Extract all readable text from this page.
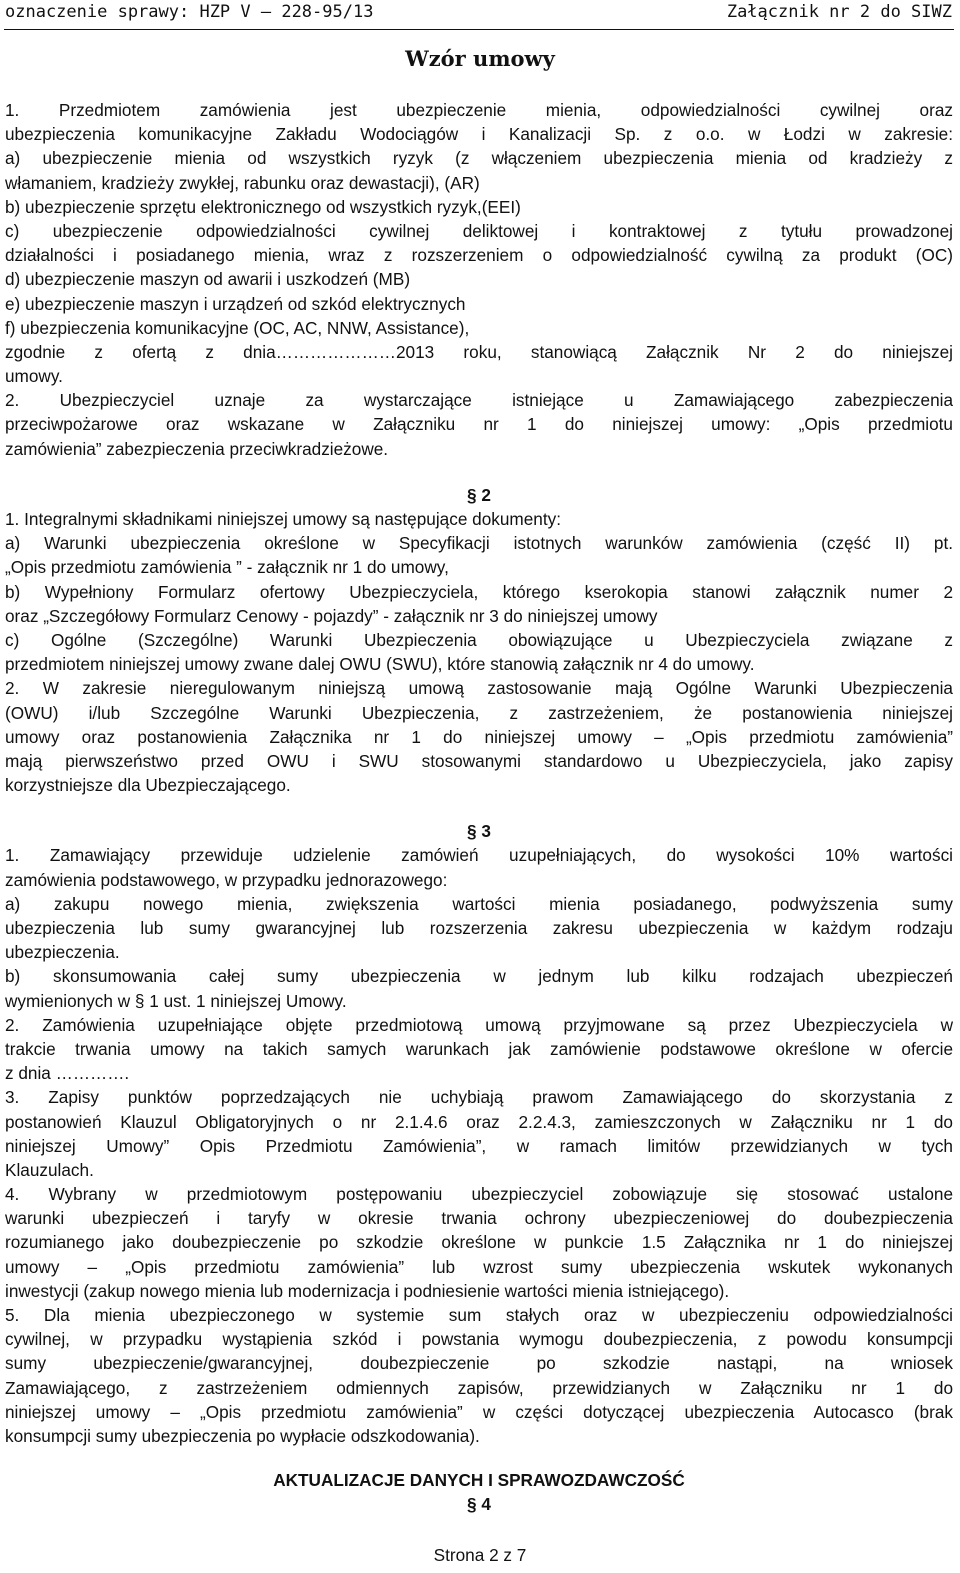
oznaczenie sprawy: HZP V – 228-95/13	Załącznik nr 2 do SIWZ
Wzór umowy
1. Przedmiotem zamówienia jest ubezpieczenie mienia, odpowiedzialności cywilnej oraz
ubezpieczenia komunikacyjne Zakładu Wodociągów i Kanalizacji Sp. z o.o. w Łodzi w zakresie:
a) ubezpieczenie mienia od wszystkich ryzyk (z włączeniem ubezpieczenia mienia od kradzieży z
włamaniem, kradzieży zwykłej, rabunku oraz dewastacji), (AR)
b) ubezpieczenie sprzętu elektronicznego od wszystkich ryzyk,(EEI)
c) ubezpieczenie odpowiedzialności cywilnej deliktowej i kontraktowej z tytułu prowadzonej
działalności i posiadanego mienia, wraz z rozszerzeniem o odpowiedzialność cywilną za produkt (OC)
d) ubezpieczenie maszyn od awarii i uszkodzeń (MB)
e) ubezpieczenie maszyn i urządzeń od szkód elektrycznych
f) ubezpieczenia komunikacyjne (OC, AC, NNW, Assistance),
zgodnie z ofertą z dnia…………………2013 roku, stanowiącą Załącznik Nr 2 do niniejszej
umowy.
2. Ubezpieczyciel uznaje za wystarczające istniejące u Zamawiającego zabezpieczenia
przeciwpożarowe oraz wskazane w Załączniku nr 1 do niniejszej umowy: „Opis przedmiotu
zamówienia” zabezpieczenia przeciwkradzieżowe.
§ 2
1. Integralnymi składnikami niniejszej umowy są następujące dokumenty:
a) Warunki ubezpieczenia określone w Specyfikacji istotnych warunków zamówienia (część II) pt.
„Opis przedmiotu zamówienia ” - załącznik nr 1 do umowy,
b) Wypełniony Formularz ofertowy Ubezpieczyciela, którego kserokopia stanowi załącznik numer 2
oraz „Szczegółowy Formularz Cenowy - pojazdy” - załącznik nr 3 do niniejszej umowy
c) Ogólne (Szczególne) Warunki Ubezpieczenia obowiązujące u Ubezpieczyciela związane z
przedmiotem niniejszej umowy zwane dalej OWU (SWU), które stanowią załącznik nr 4 do umowy.
2. W zakresie nieregulowanym niniejszą umową zastosowanie mają Ogólne Warunki Ubezpieczenia
(OWU) i/lub Szczególne Warunki Ubezpieczenia, z zastrzeżeniem, że postanowienia niniejszej
umowy oraz postanowienia Załącznika nr 1 do niniejszej umowy – „Opis przedmiotu zamówienia”
mają pierwszeństwo przed OWU i SWU stosowanymi standardowo u Ubezpieczyciela, jako zapisy
korzystniejsze dla Ubezpieczającego.
§ 3
1. Zamawiający przewiduje udzielenie zamówień uzupełniających, do wysokości 10% wartości
zamówienia podstawowego, w przypadku jednorazowego:
a) zakupu nowego mienia, zwiększenia wartości mienia posiadanego, podwyższenia sumy
ubezpieczenia lub sumy gwarancyjnej lub rozszerzenia zakresu ubezpieczenia w każdym rodzaju
ubezpieczenia.
b) skonsumowania całej sumy ubezpieczenia w jednym lub kilku rodzajach ubezpieczeń
wymienionych w § 1 ust. 1 niniejszej Umowy.
2. Zamówienia uzupełniające objęte przedmiotową umową przyjmowane są przez Ubezpieczyciela w
trakcie trwania umowy na takich samych warunkach jak zamówienie podstawowe określone w ofercie
z dnia ………….
3. Zapisy punktów poprzedzających nie uchybiają prawom Zamawiającego do skorzystania z
postanowień Klauzul Obligatoryjnych o nr 2.1.4.6 oraz 2.2.4.3, zamieszczonych w Załączniku nr 1 do
niniejszej Umowy” Opis Przedmiotu Zamówienia”, w ramach limitów przewidzianych w tych
Klauzulach.
4. Wybrany w przedmiotowym postępowaniu ubezpieczyciel zobowiązuje się stosować ustalone
warunki ubezpieczeń i taryfy w okresie trwania ochrony ubezpieczeniowej do doubezpieczenia
rozumianego jako doubezpieczenie po szkodzie określone w punkcie 1.5 Załącznika nr 1 do niniejszej
umowy – „Opis przedmiotu zamówienia” lub wzrost sumy ubezpieczenia wskutek wykonanych
inwestycji (zakup nowego mienia lub modernizacja i podniesienie wartości mienia istniejącego).
5. Dla mienia ubezpieczonego w systemie sum stałych oraz w ubezpieczeniu odpowiedzialności
cywilnej, w przypadku wystąpienia szkód i powstania wymogu doubezpieczenia, z powodu konsumpcji
sumy ubezpieczenie/gwarancyjnej, doubezpieczenie po szkodzie nastąpi, na wniosek
Zamawiającego, z zastrzeżeniem odmiennych zapisów, przewidzianych w Załączniku nr 1 do
niniejszej umowy – „Opis przedmiotu zamówienia” w części dotyczącej ubezpieczenia Autocasco (brak
konsumpcji sumy ubezpieczenia po wypłacie odszkodowania).
AKTUALIZACJE DANYCH I SPRAWOZDAWCZOŚĆ
§ 4
Strona 2 z 7
